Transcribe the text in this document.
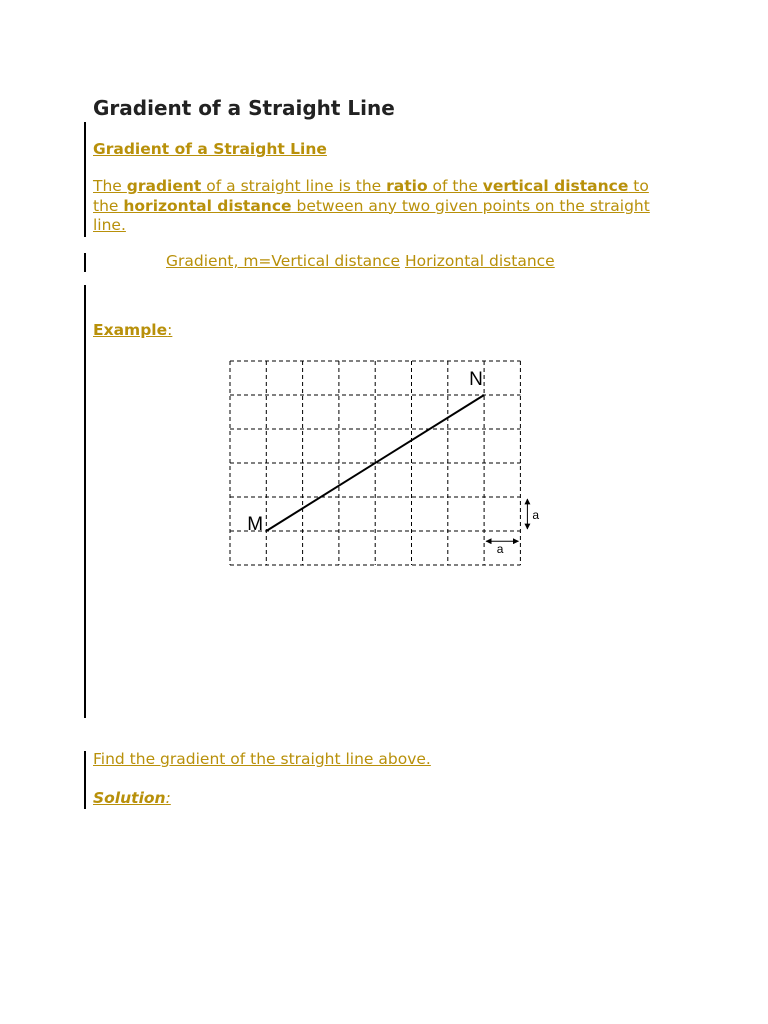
Gradient of a Straight Line
Gradient of a Straight Line

The gradient of a straight line is the ratio of the vertical distance to the horizontal distance between any two given points on the straight line.

Gradient, m=Vertical distance Horizontal distance
Example:
M
N
a
a
Find the gradient of the straight line above.
Solution:
